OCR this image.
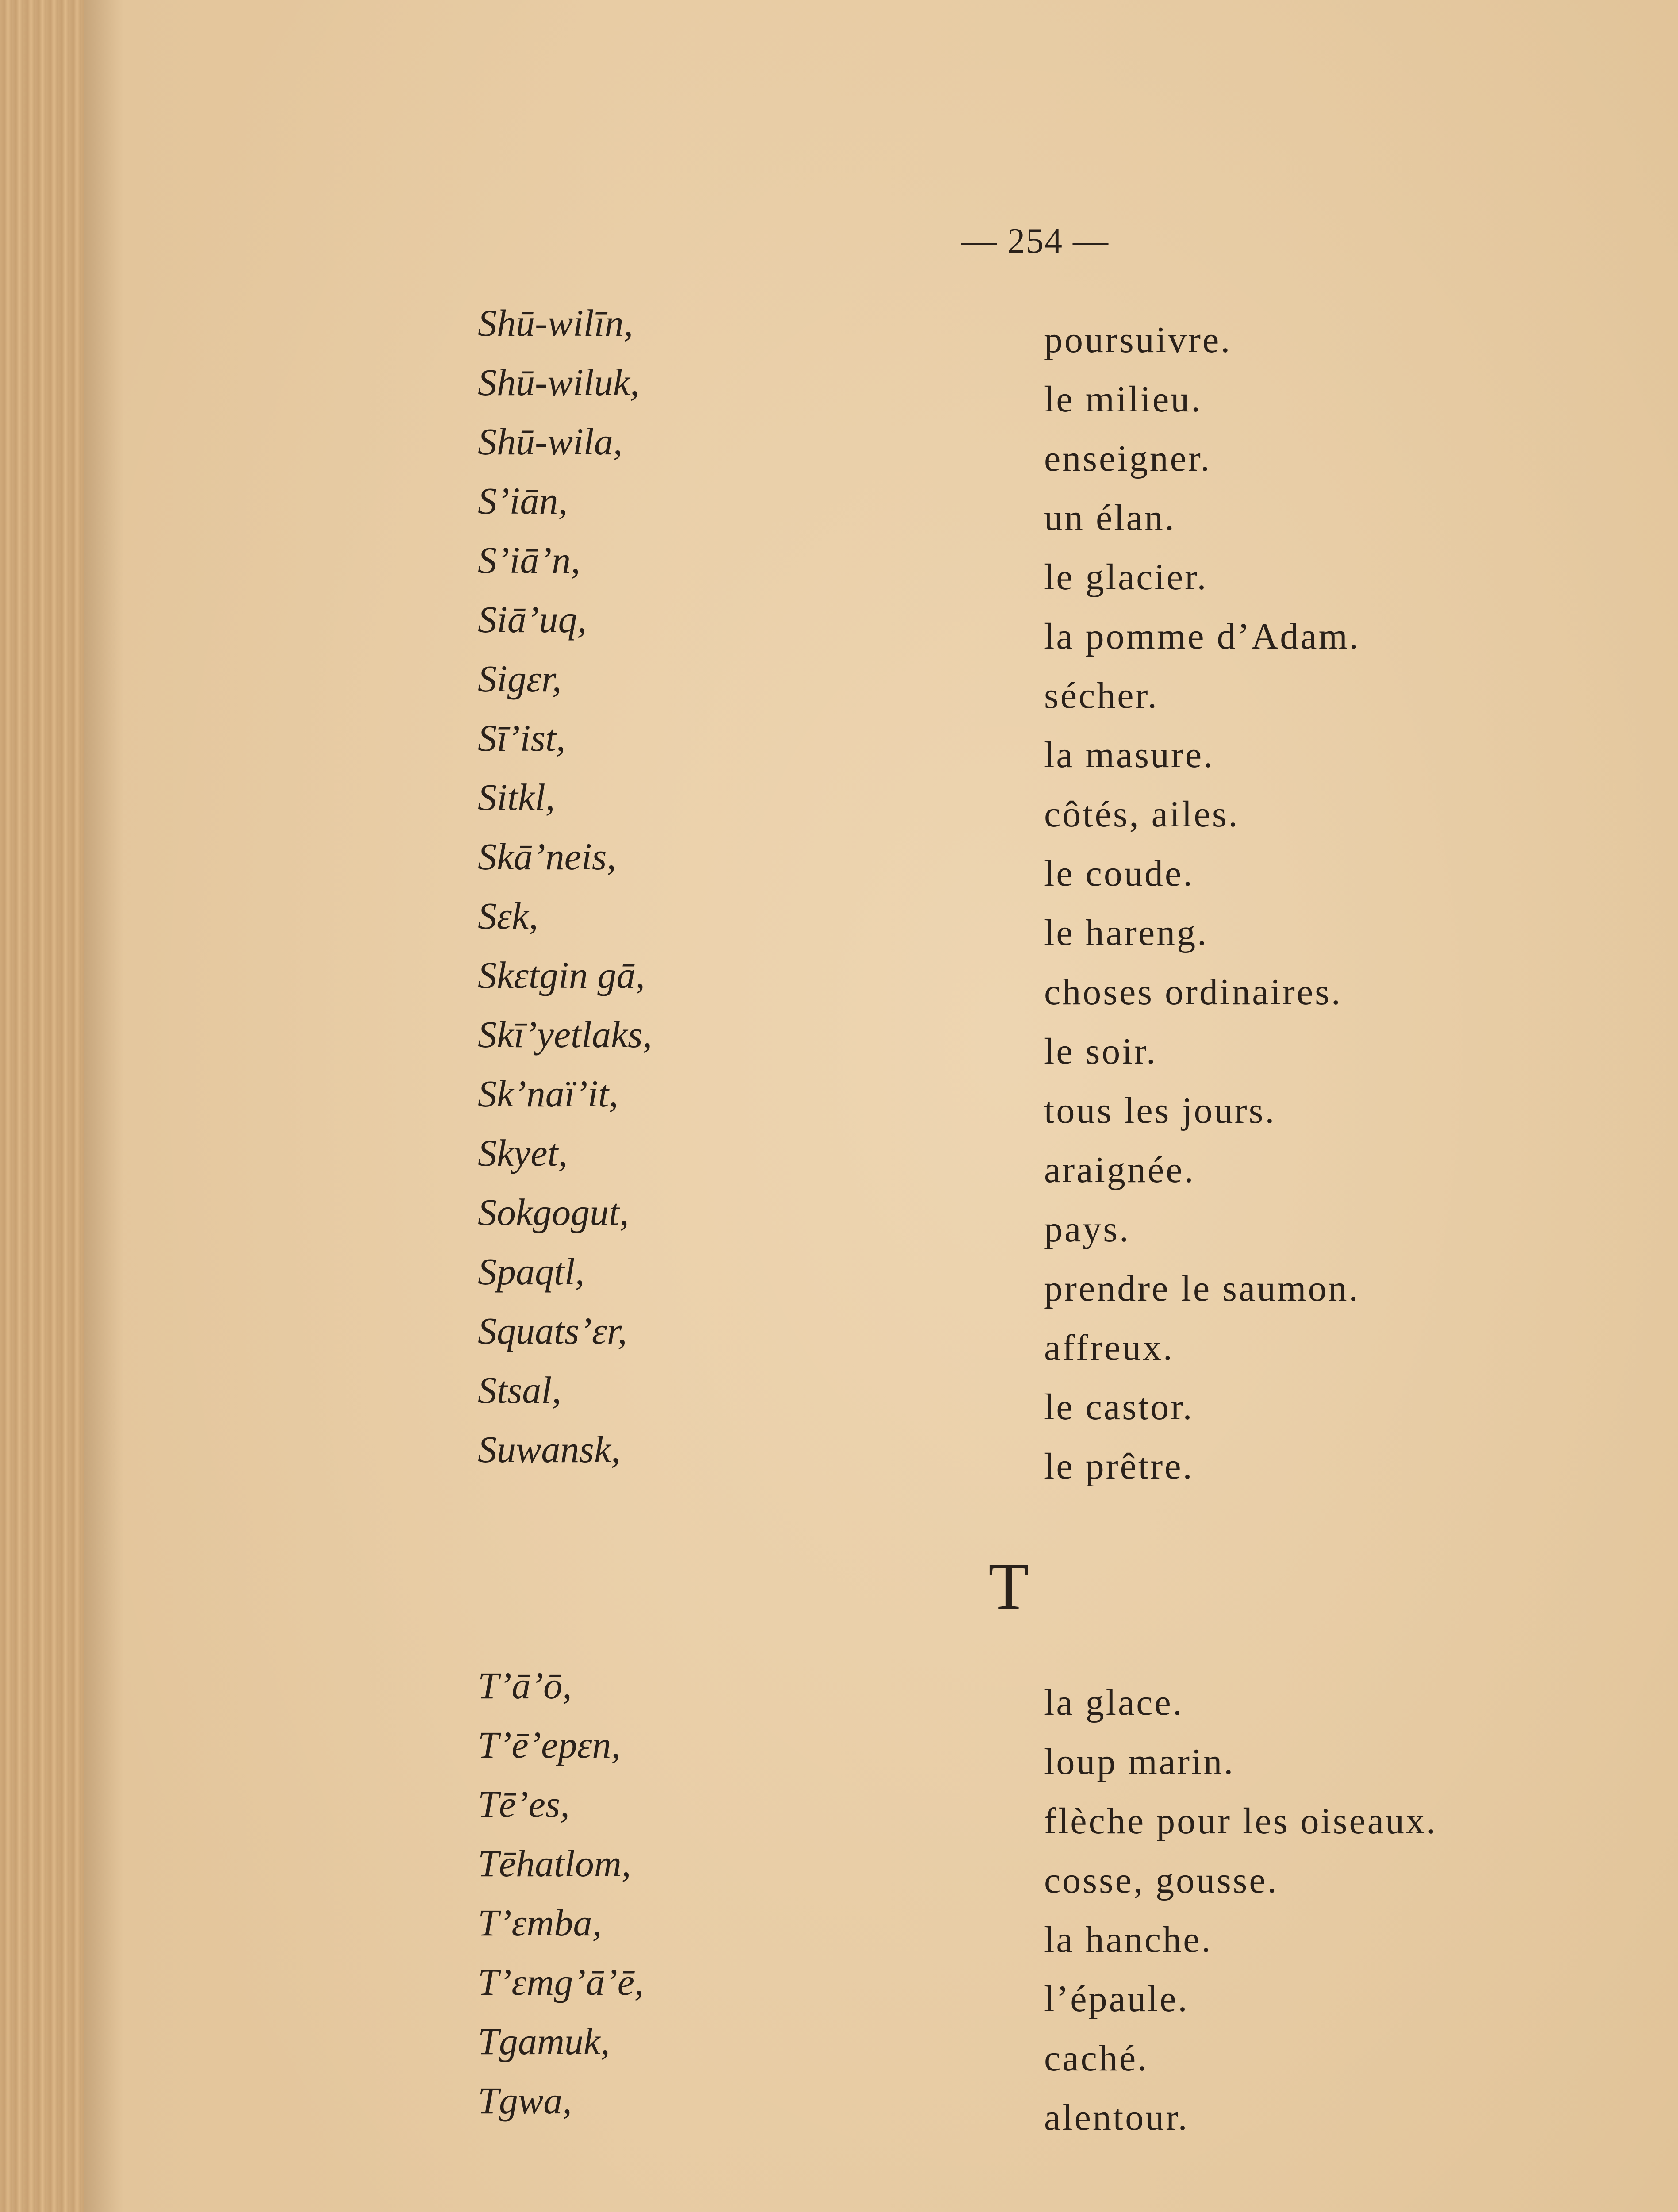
— 254 —
Shū-wilīn,	poursuivre.
Shū-wiluk,	le milieu.
Shū-wila,	enseigner.
S’iān,	un élan.
S’iā’n,	le glacier.
Siā’uq,	la pomme d’Adam.
Sigɛr,	sécher.
Sī’ist,	la masure.
Sitkl,	côtés, ailes.
Skā’neis,	le coude.
Sɛk,	le hareng.
Skɛtgin gā,	choses ordinaires.
Skī’yetlaks,	le soir.
Sk’naï’it,	tous les jours.
Skyet,	araignée.
Sokgogut,	pays.
Spaqtl,	prendre le saumon.
Squats’ɛr,	affreux.
Stsal,	le castor.
Suwansk,	le prêtre.
T
T’ā’ō,	la glace.
T’ē’epɛn,	loup marin.
Tē’es,	flèche pour les oiseaux.
Tēhatlom,	cosse, gousse.
T’ɛmba,	la hanche.
T’ɛmg’ā’ē,	l’épaule.
Tgamuk,	caché.
Tgwa,	alentour.
